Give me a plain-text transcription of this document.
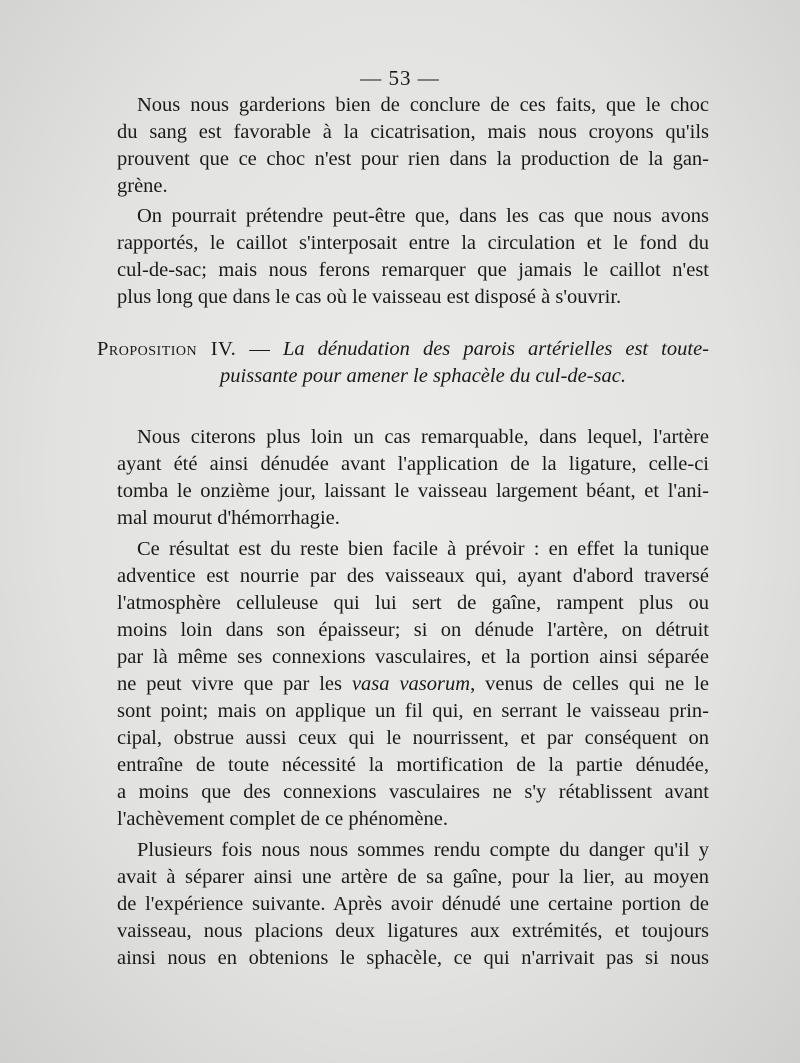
— 53 —

Nous nous garderions bien de conclure de ces faits, que le choc
du sang est favorable à la cicatrisation, mais nous croyons qu'ils
prouvent que ce choc n'est pour rien dans la production de la gan-
grène.

On pourrait prétendre peut-être que, dans les cas que nous avons
rapportés, le caillot s'interposait entre la circulation et le fond du
cul-de-sac; mais nous ferons remarquer que jamais le caillot n'est
plus long que dans le cas où le vaisseau est disposé à s'ouvrir.

Proposition IV. — La dénudation des parois artérielles est toute-
puissante pour amener le sphacèle du cul-de-sac.

Nous citerons plus loin un cas remarquable, dans lequel, l'artère
ayant été ainsi dénudée avant l'application de la ligature, celle-ci
tomba le onzième jour, laissant le vaisseau largement béant, et l'ani-
mal mourut d'hémorrhagie.

Ce résultat est du reste bien facile à prévoir : en effet la tunique
adventice est nourrie par des vaisseaux qui, ayant d'abord traversé
l'atmosphère celluleuse qui lui sert de gaîne, rampent plus ou
moins loin dans son épaisseur; si on dénude l'artère, on détruit
par là même ses connexions vasculaires, et la portion ainsi séparée
ne peut vivre que par les vasa vasorum, venus de celles qui ne le
sont point; mais on applique un fil qui, en serrant le vaisseau prin-
cipal, obstrue aussi ceux qui le nourrissent, et par conséquent on
entraîne de toute nécessité la mortification de la partie dénudée,
a moins que des connexions vasculaires ne s'y rétablissent avant
l'achèvement complet de ce phénomène.

Plusieurs fois nous nous sommes rendu compte du danger qu'il y
avait à séparer ainsi une artère de sa gaîne, pour la lier, au moyen
de l'expérience suivante. Après avoir dénudé une certaine portion de
vaisseau, nous placions deux ligatures aux extrémités, et toujours
ainsi nous en obtenions le sphacèle, ce qui n'arrivait pas si nous
